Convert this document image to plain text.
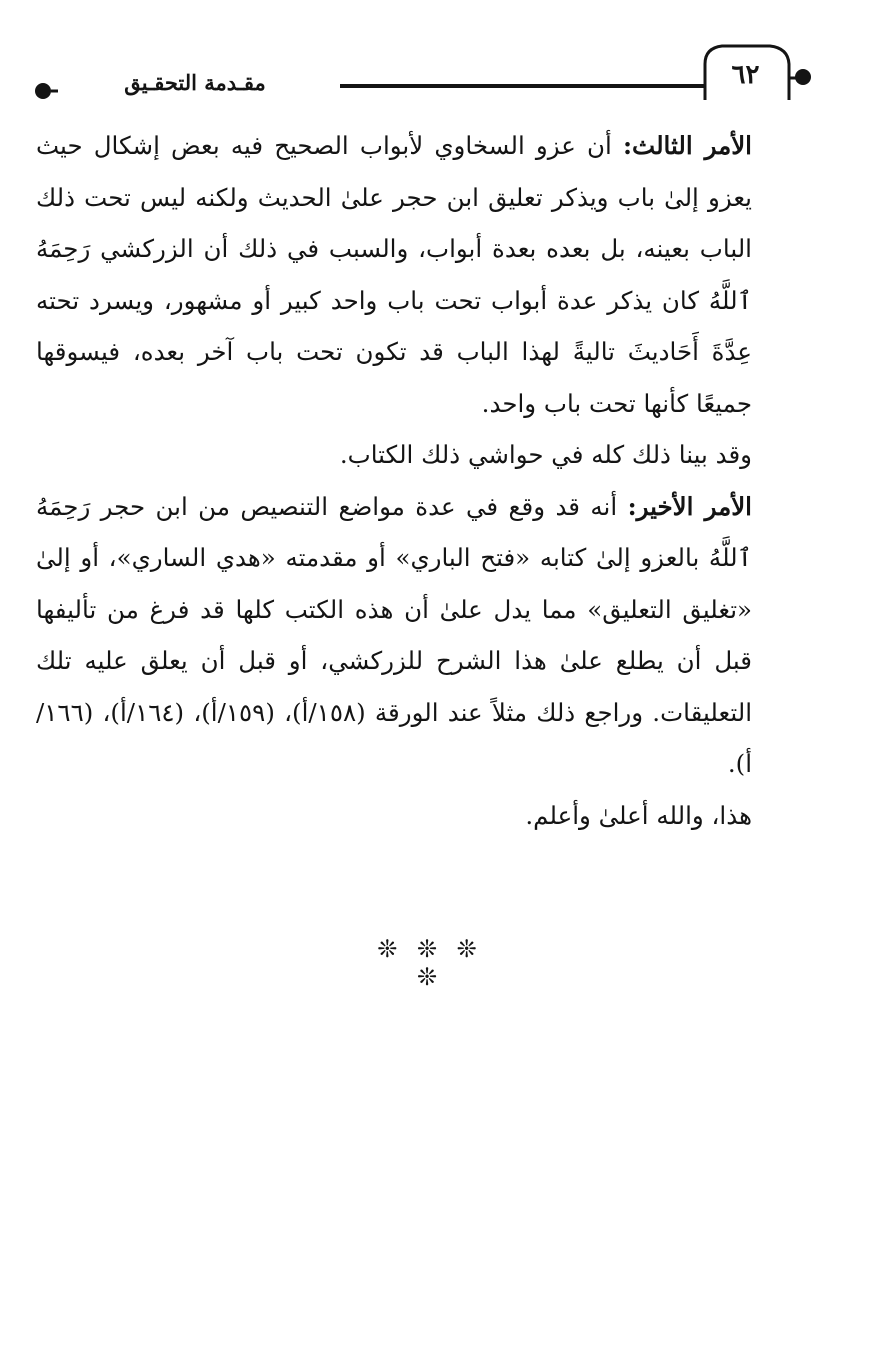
٦٢
مقـدمة التحقـيق

الأمر الثالث: أن عزو السخاوي لأبواب الصحيح فيه بعض إشكال حيث يعزو إلىٰ باب ويذكر تعليق ابن حجر علىٰ الحديث ولكنه ليس تحت ذلك الباب بعينه، بل بعده بعدة أبواب، والسبب في ذلك أن الزركشي رَحِمَهُ ٱللَّهُ كان يذكر عدة أبواب تحت باب واحد كبير أو مشهور، ويسرد تحته عِدَّةَ أَحَاديثَ تاليةً لهذا الباب قد تكون تحت باب آخر بعده، فيسوقها جميعًا كأنها تحت باب واحد.

وقد بينا ذلك كله في حواشي ذلك الكتاب.

الأمر الأخير: أنه قد وقع في عدة مواضع التنصيص من ابن حجر رَحِمَهُ ٱللَّهُ بالعزو إلىٰ كتابه «فتح الباري» أو مقدمته «هدي الساري»، أو إلىٰ «تغليق التعليق» مما يدل علىٰ أن هذه الكتب كلها قد فرغ من تأليفها قبل أن يطلع علىٰ هذا الشرح للزركشي، أو قبل أن يعلق عليه تلك التعليقات. وراجع ذلك مثلاً عند الورقة (١٥٨/أ)، (١٥٩/أ)، (١٦٤/أ)، (١٦٦/أ).

هذا، والله أعلىٰ وأعلم.

❊ ❊ ❊ ❊
